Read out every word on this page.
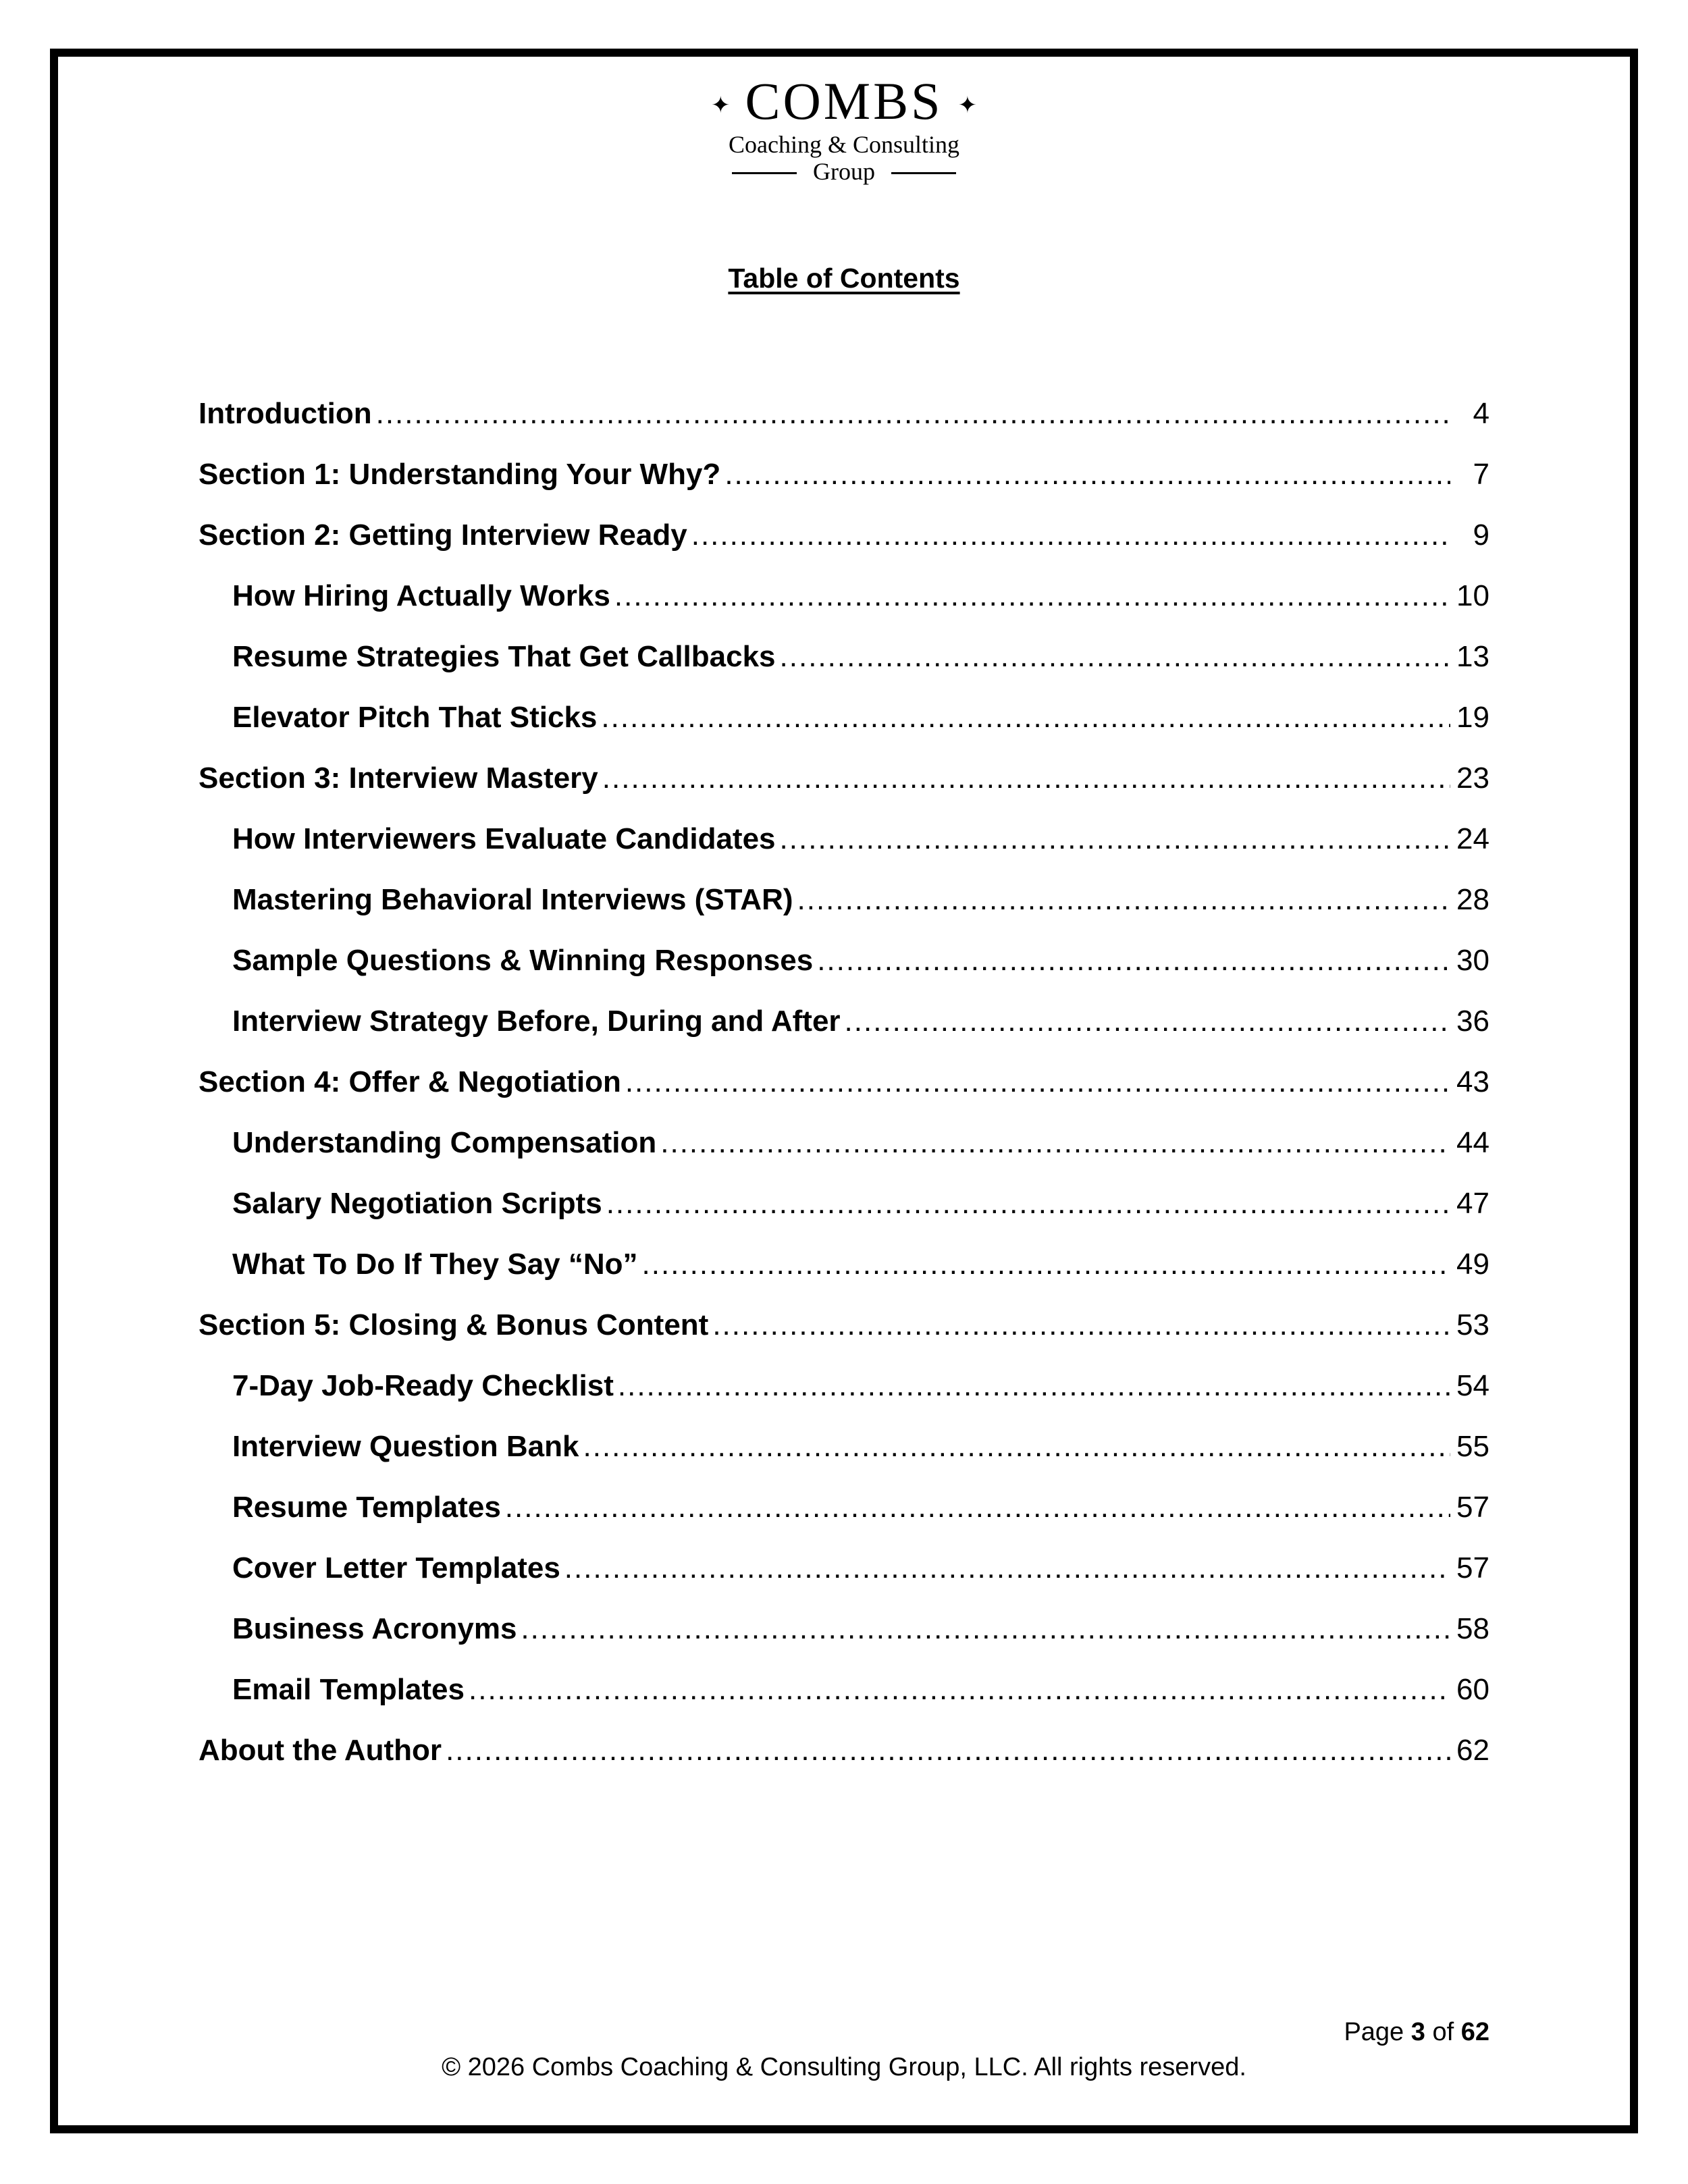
✦ COMBS ✦
Coaching & Consulting
Group
Table of Contents
Introduction .....	4
Section 1: Understanding Your Why? .....	7
Section 2: Getting Interview Ready .....	9
How Hiring Actually Works .....	10
Resume Strategies That Get Callbacks .....	13
Elevator Pitch That Sticks .....	19
Section 3: Interview Mastery .....	23
How Interviewers Evaluate Candidates .....	24
Mastering Behavioral Interviews (STAR) .....	28
Sample Questions & Winning Responses .....	30
Interview Strategy Before, During and After .....	36
Section 4: Offer & Negotiation .....	43
Understanding Compensation .....	44
Salary Negotiation Scripts .....	47
What To Do If They Say “No” .....	49
Section 5: Closing & Bonus Content .....	53
7-Day Job-Ready Checklist .....	54
Interview Question Bank .....	55
Resume Templates .....	57
Cover Letter Templates .....	57
Business Acronyms .....	58
Email Templates .....	60
About the Author .....	62
Page 3 of 62
© 2026 Combs Coaching & Consulting Group, LLC. All rights reserved.
